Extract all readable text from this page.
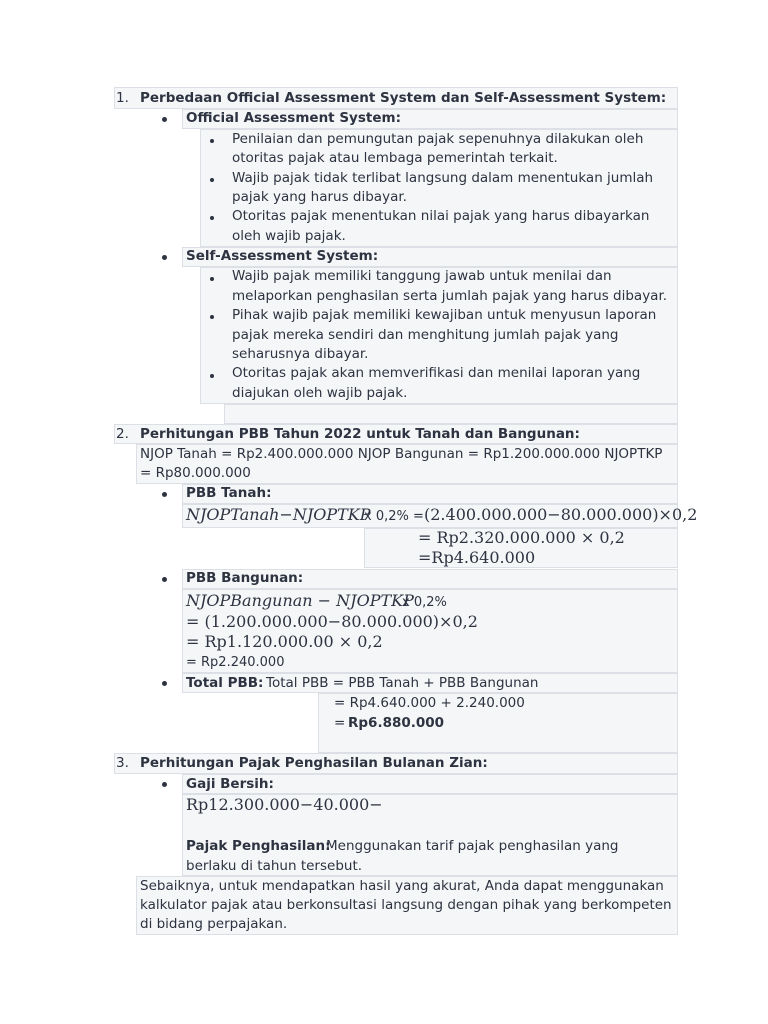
1. Perbedaan Official Assessment System dan Self-Assessment System:
Official Assessment System:
Penilaian dan pemungutan pajak sepenuhnya dilakukan oleh
otoritas pajak atau lembaga pemerintah terkait.
Wajib pajak tidak terlibat langsung dalam menentukan jumlah
pajak yang harus dibayar.
Otoritas pajak menentukan nilai pajak yang harus dibayarkan
oleh wajib pajak.
Self-Assessment System:
Wajib pajak memiliki tanggung jawab untuk menilai dan
melaporkan penghasilan serta jumlah pajak yang harus dibayar.
Pihak wajib pajak memiliki kewajiban untuk menyusun laporan
pajak mereka sendiri dan menghitung jumlah pajak yang
seharusnya dibayar.
Otoritas pajak akan memverifikasi dan menilai laporan yang
diajukan oleh wajib pajak.
2. Perhitungan PBB Tahun 2022 untuk Tanah dan Bangunan:
NJOP Tanah = Rp2.400.000.000 NJOP Bangunan = Rp1.200.000.000 NJOPTKP
= Rp80.000.000
PBB Tanah:
NJOPTanah−NJOPTKP
x 0,2% = (2.400.000.000−80.000.000)×0,2
= Rp2.320.000.000 × 0,2
=Rp4.640.000
PBB Bangunan:
NJOPBangunan − NJOPTKP
x 0,2%
= (1.200.000.000−80.000.000)×0,2
= Rp1.120.000.00 × 0,2
= Rp2.240.000
Total PBB: Total PBB = PBB Tanah + PBB Bangunan
= Rp4.640.000 + 2.240.000
= Rp6.880.000
3. Perhitungan Pajak Penghasilan Bulanan Zian:
Gaji Bersih:
Rp12.300.000−40.000−
Pajak Penghasilan:
Menggunakan tarif pajak penghasilan yang
berlaku di tahun tersebut.
Sebaiknya, untuk mendapatkan hasil yang akurat, Anda dapat menggunakan
kalkulator pajak atau berkonsultasi langsung dengan pihak yang berkompeten
di bidang perpajakan.
